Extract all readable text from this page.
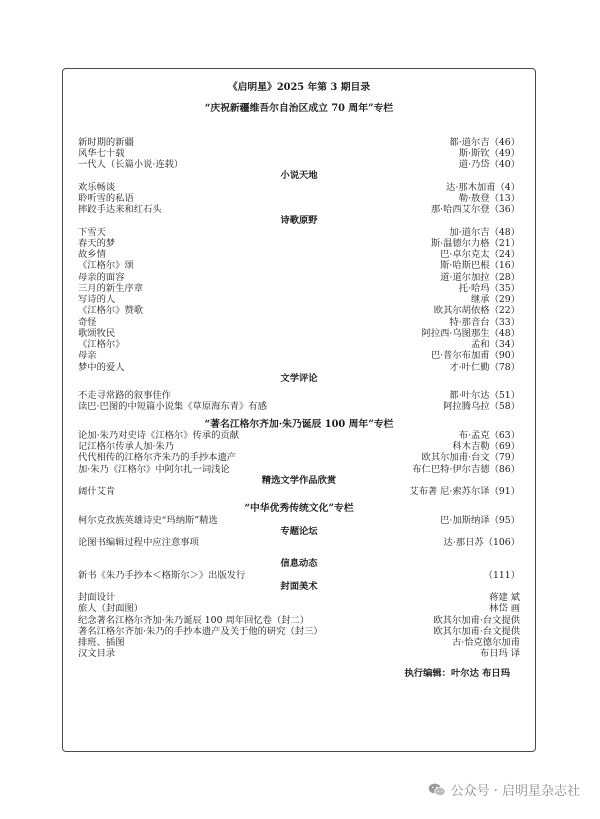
《启明星》2025 年第 3 期目录
“庆祝新疆维吾尔自治区成立 70 周年”专栏
新时期的新疆	都·道尔吉（46）
风华七十载	斯·斯钦（49）
一代人（长篇小说·连载）	道·乃岱（40）
小说天地
欢乐畅谈	达·那木加甫（4）
聆听雪的私语	勒·敖登（13）
摔跤手达来和红石头	那·哈西艾尔登（36）
诗歌原野
下雪天	加·道尔吉（48）
春天的梦	斯·温德尔力格（21）
故乡情	巴·卓尔克太（24）
《江格尔》颂	斯·哈斯巴根（16）
母亲的面容	道·道尔加拉（28）
三月的新生序章	托·哈玛（35）
写诗的人	继承（29）
《江格尔》赞歌	欧其尔胡依格（22）
奇怪	特·那音台（33）
歌颂牧民	阿拉西·乌图那生（48）
《江格尔》	孟和（34）
母亲	巴·普尔布加甫（90）
梦中的爱人	才·叶仁勤（78）
文学评论
不走寻常路的叙事佳作	都·叶尔达（51）
读巴·巴图的中短篇小说集《草原海东青》有感	阿拉腾乌拉（58）
“著名江格尔齐加·朱乃诞辰 100 周年”专栏
论加·朱乃对史诗《江格尔》传承的贡献	布·孟克（63）
记江格尔传承人加·朱乃	科木吉勒（69）
代代相传的江格尔齐朱乃的手抄本遗产	欧其尔加甫·台文（79）
加·朱乃《江格尔》中阿尔扎一词浅论	布仁巴特·伊尔吉德（86）
精选文学作品欣赏
阔什艾肯	艾布著 尼·索苏尔译（91）
“中华优秀传统文化”专栏
柯尔克孜族英雄诗史“玛纳斯”精选	巴·加斯纳译（95）
专题论坛
论图书编辑过程中应注意事项	达·那日苏（106）
信息动态
新书《朱乃手抄本＜格斯尔＞》出版发行	（111）
封面美术
封面设计	蒋建 斌
旅人（封面图）	林岱 画
纪念著名江格尔齐加·朱乃诞辰 100 周年回忆卷（封二）	欧其尔加甫·台文提供
著名江格尔齐加·朱乃的手抄本遗产及关于他的研究（封三）	欧其尔加甫·台文提供
排班、插图	古·恰克德尔加甫
汉文目录	布日玛 译
执行编辑：叶尔达 布日玛
公众号 · 启明星杂志社
